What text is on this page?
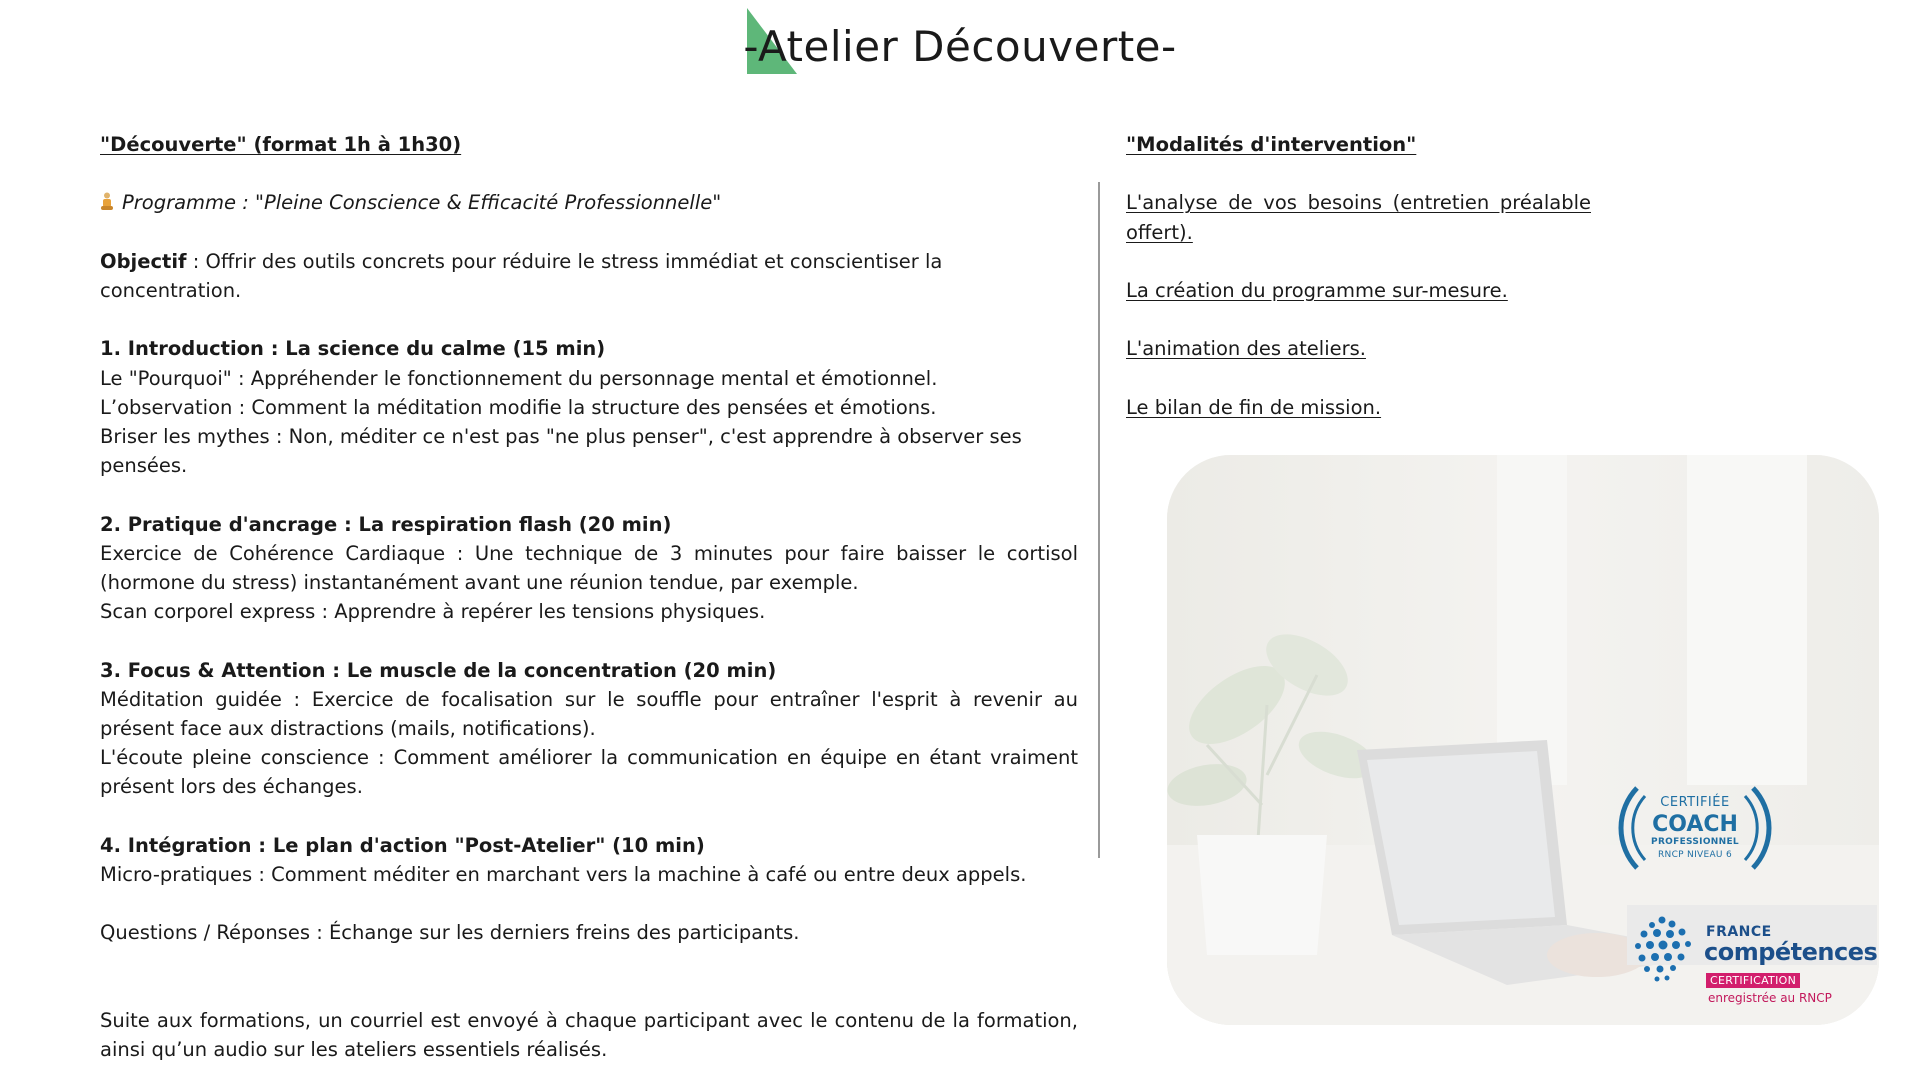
-Atelier Découverte-

"Découverte" (format 1h à 1h30)

Programme : "Pleine Conscience & Efficacité Professionnelle"

Objectif : Offrir des outils concrets pour réduire le stress immédiat et conscientiser la concentration.

1. Introduction : La science du calme (15 min)

Le "Pourquoi" : Appréhender le fonctionnement du personnage mental et émotionnel.

L’observation : Comment la méditation modifie la structure des pensées et émotions.

Briser les mythes : Non, méditer ce n'est pas "ne plus penser", c'est apprendre à observer ses pensées.

2. Pratique d'ancrage : La respiration flash (20 min)

Exercice de Cohérence Cardiaque : Une technique de 3 minutes pour faire baisser le cortisol (hormone du stress) instantanément avant une réunion tendue, par exemple.

Scan corporel express : Apprendre à repérer les tensions physiques.

3. Focus & Attention : Le muscle de la concentration (20 min)

Méditation guidée : Exercice de focalisation sur le souffle pour entraîner l'esprit à revenir au présent face aux distractions (mails, notifications).

L'écoute pleine conscience : Comment améliorer la communication en équipe en étant vraiment présent lors des échanges.

4. Intégration : Le plan d'action "Post-Atelier" (10 min)

Micro-pratiques : Comment méditer en marchant vers la machine à café ou entre deux appels.

Questions / Réponses : Échange sur les derniers freins des participants.

Suite aux formations, un courriel est envoyé à chaque participant avec le contenu de la formation, ainsi qu’un audio sur les ateliers essentiels réalisés.

"Modalités d'intervention"

L'analyse de vos besoins (entretien préalable offert).

La création du programme sur-mesure.

L'animation des ateliers.

Le bilan de fin de mission.

CERTIFIÉE
COACH
PROFESSIONNEL
RNCP NIVEAU 6
FRANCE
compétences
CERTIFICATION
enregistrée au RNCP
